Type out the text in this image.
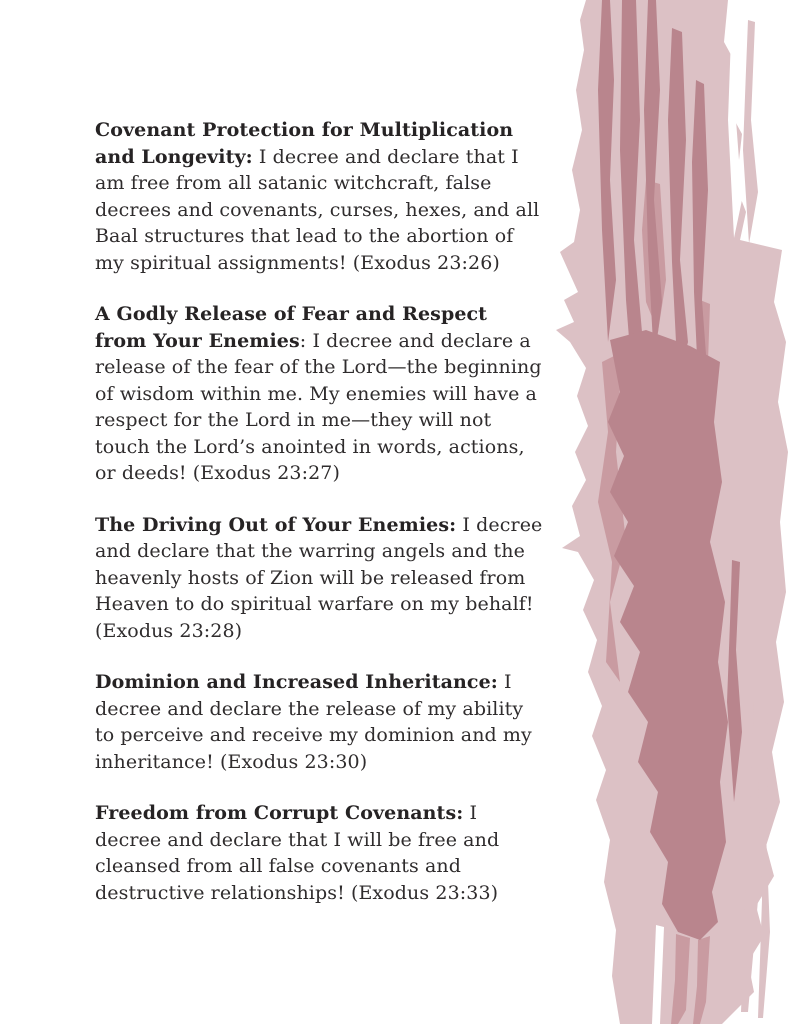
Covenant Protection for Multiplication and Longevity: I decree and declare that I am free from all satanic witchcraft, false decrees and covenants, curses, hexes, and all Baal structures that lead to the abortion of my spiritual assignments! (Exodus 23:26)

A Godly Release of Fear and Respect from Your Enemies: I decree and declare a release of the fear of the Lord—the beginning of wisdom within me. My enemies will have a respect for the Lord in me—they will not touch the Lord’s anointed in words, actions, or deeds! (Exodus 23:27)

The Driving Out of Your Enemies: I decree and declare that the warring angels and the heavenly hosts of Zion will be released from Heaven to do spiritual warfare on my behalf! (Exodus 23:28)

Dominion and Increased Inheritance: I decree and declare the release of my ability to perceive and receive my dominion and my inheritance! (Exodus 23:30)

Freedom from Corrupt Covenants: I decree and declare that I will be free and cleansed from all false covenants and destructive relationships! (Exodus 23:33)
